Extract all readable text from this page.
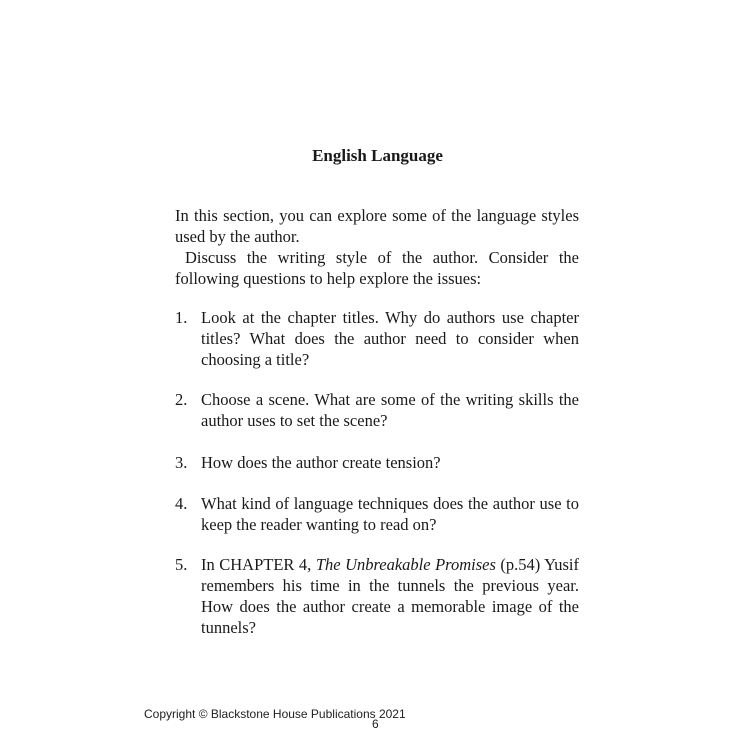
English Language

In this section, you can explore some of the language styles used by the author.

Discuss the writing style of the author. Consider the following questions to help explore the issues:

1. Look at the chapter titles. Why do authors use chapter titles? What does the author need to consider when choosing a title?
2. Choose a scene. What are some of the writing skills the author uses to set the scene?
3. How does the author create tension?
4. What kind of language techniques does the author use to keep the reader wanting to read on?
5. In CHAPTER 4, The Unbreakable Promises (p.54) Yusif remembers his time in the tunnels the previous year. How does the author create a memorable image of the tunnels?
Copyright © Blackstone House Publications 2021
6
